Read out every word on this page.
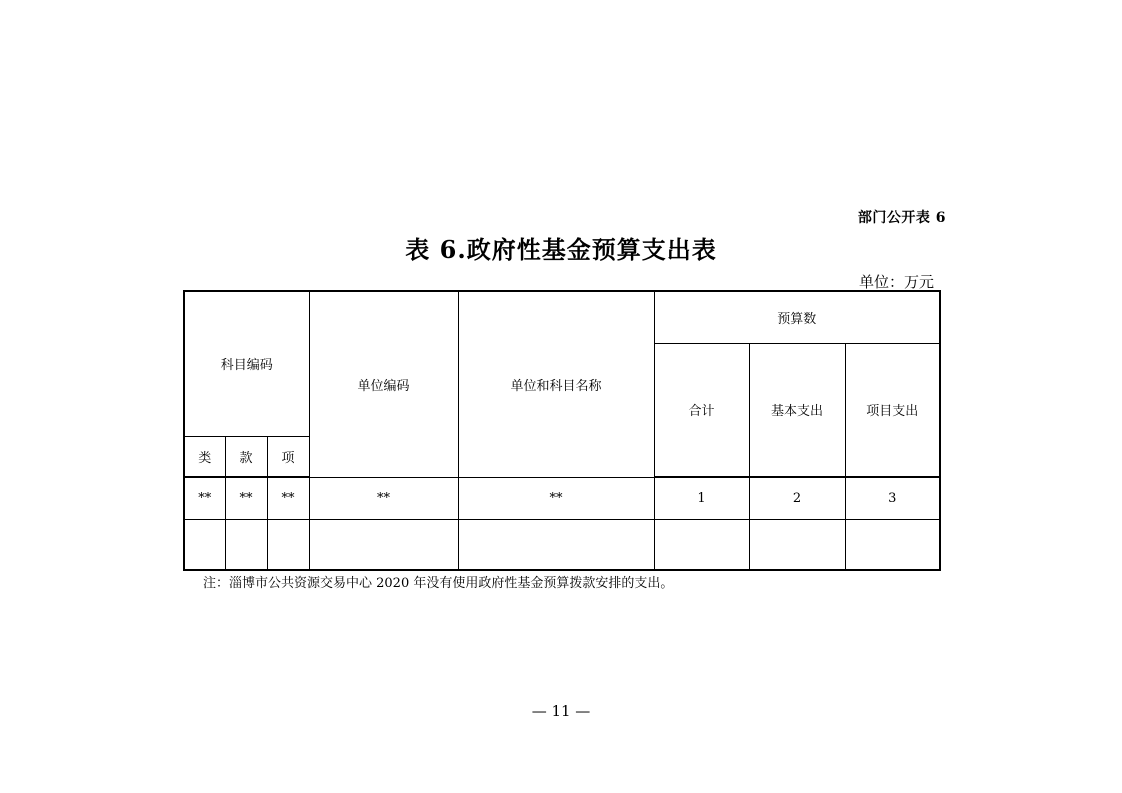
部门公开表 6
表 6.政府性基金预算支出表
单位：万元
科目编码			单位编码	单位和科目名称	预算数		
					合计	基本支出	项目支出

类	款	项					
**	**	**	**	**	1	2	3

注：淄博市公共资源交易中心 2020 年没有使用政府性基金预算拨款安排的支出。
— 11 —
